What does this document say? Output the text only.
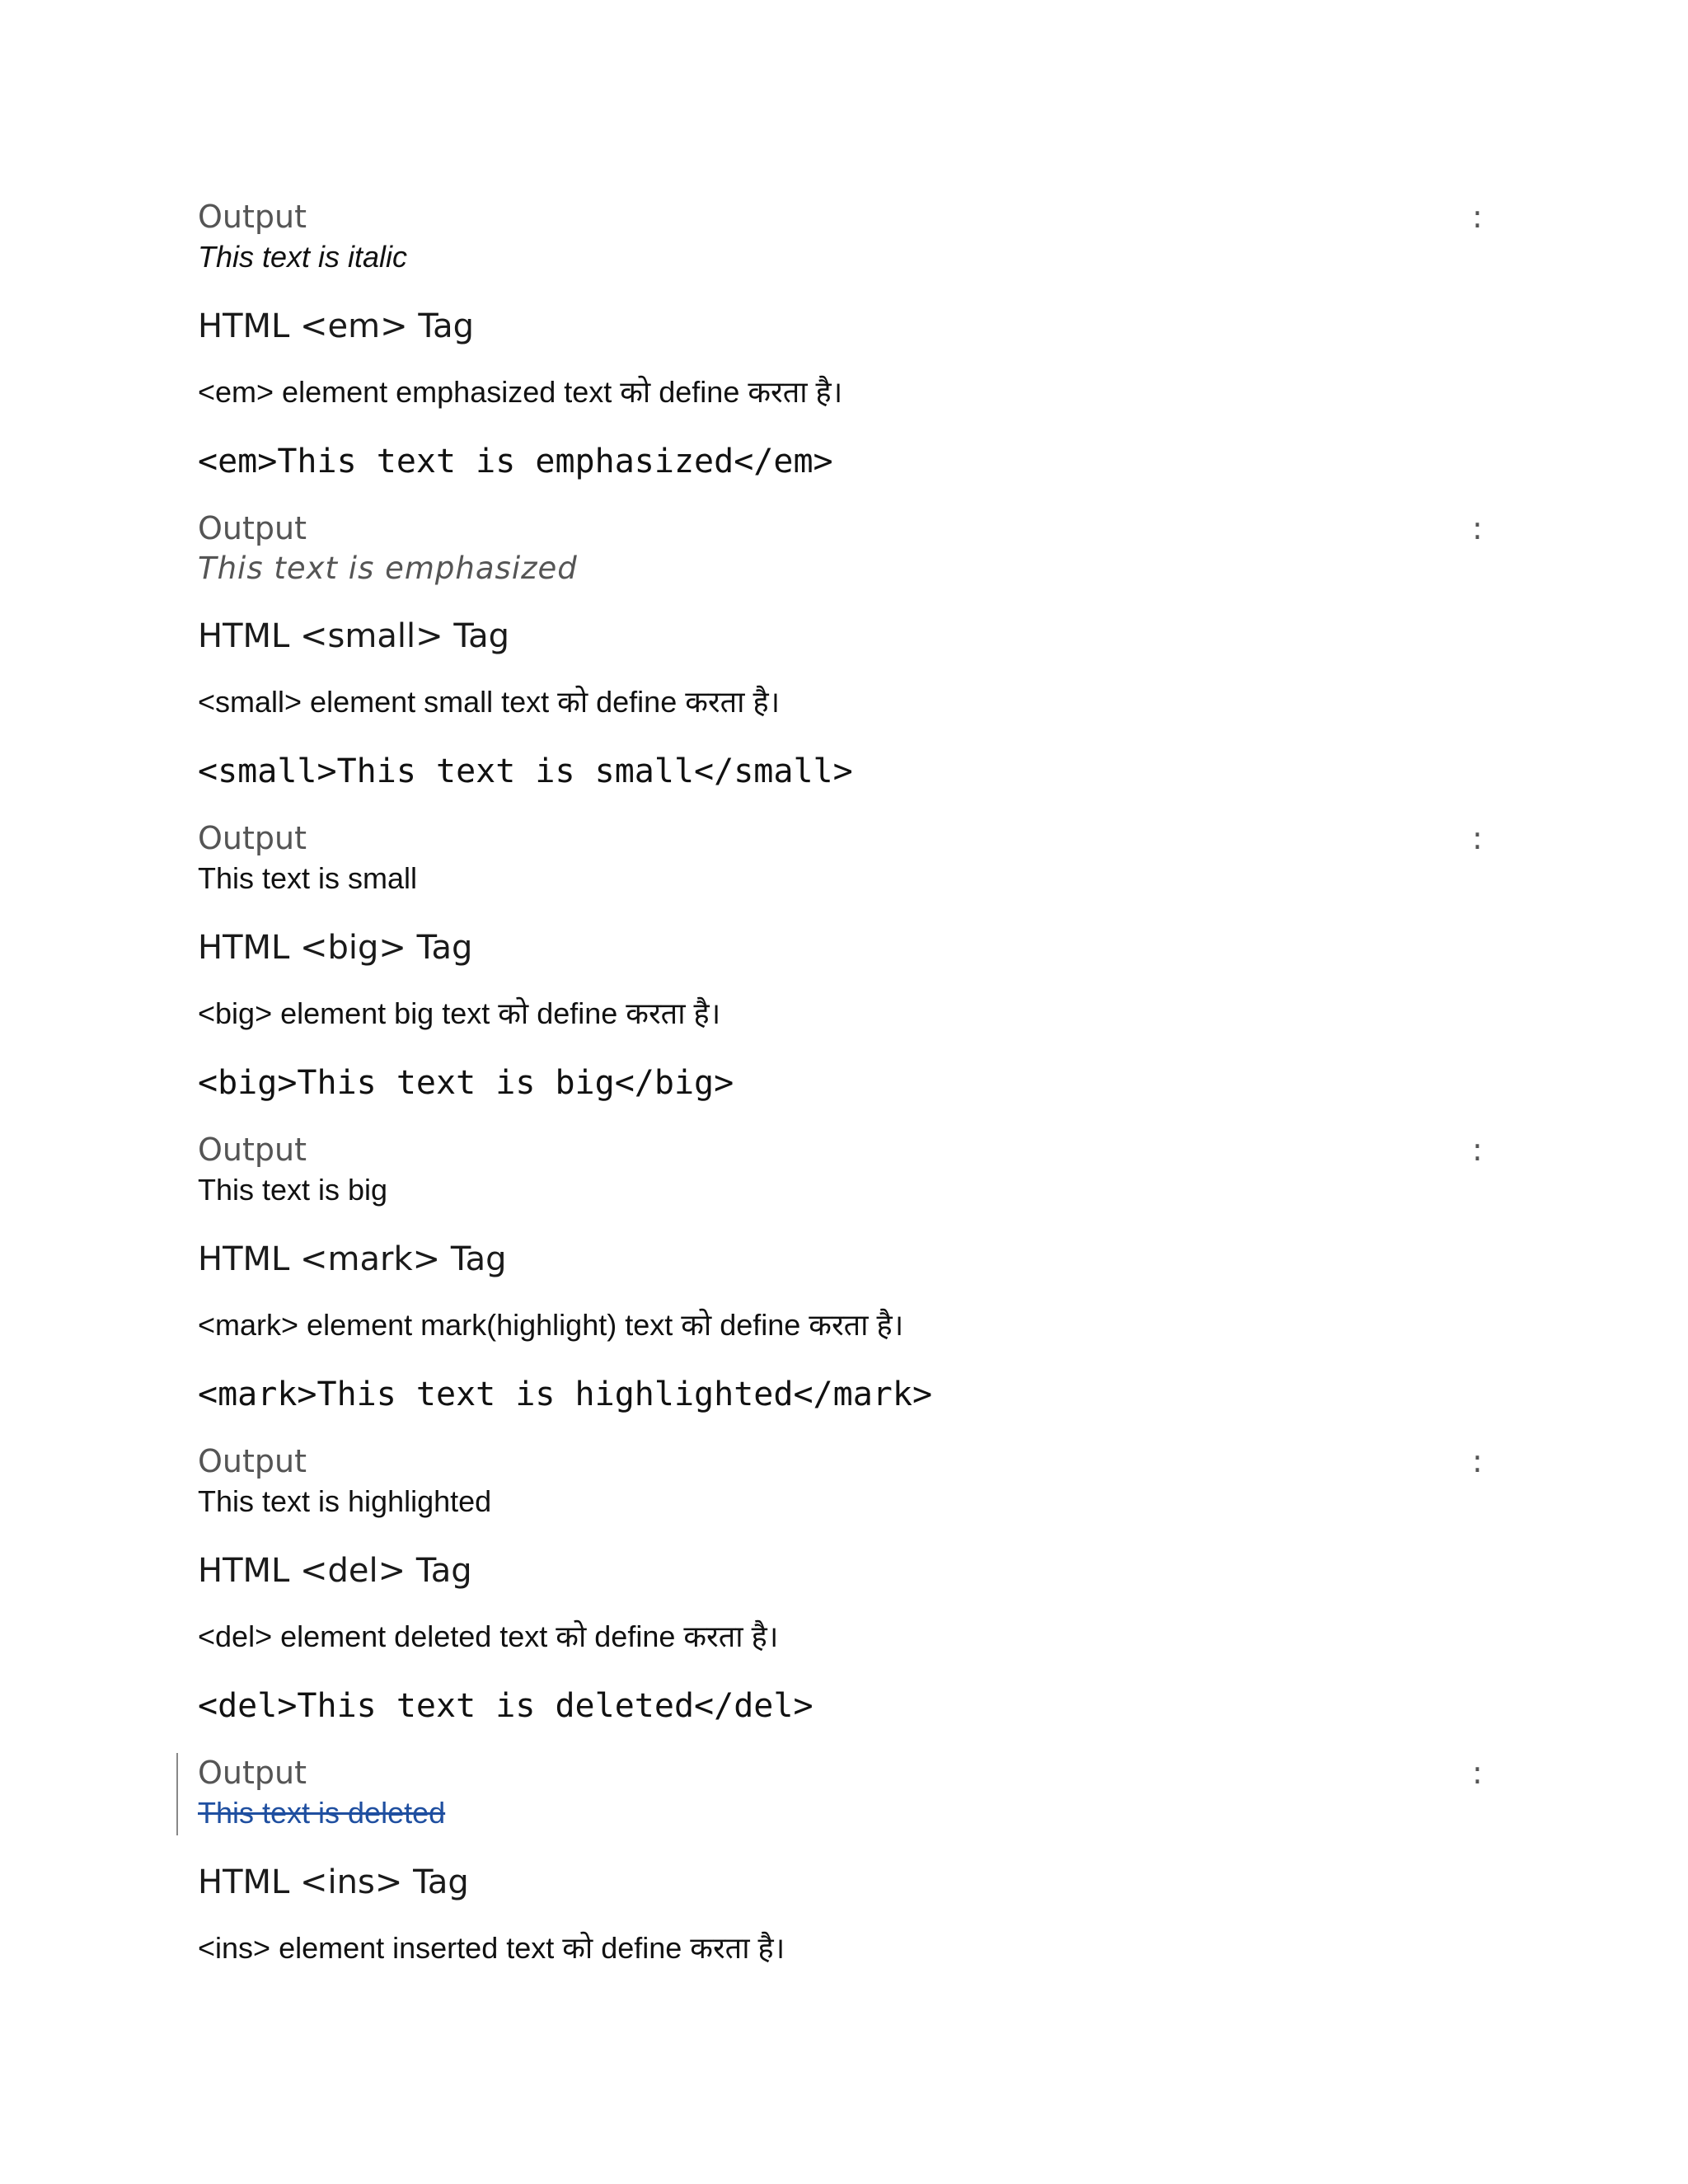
Output	:
This text is italic
HTML <em> Tag
<em> element emphasized text को define करता है।
<em>This text is emphasized</em>
Output	:
This text is emphasized
HTML <small> Tag
<small> element small text को define करता है।
<small>This text is small</small>
Output	:
This text is small
HTML <big> Tag
<big> element big text को define करता है।
<big>This text is big</big>
Output	:
This text is big
HTML <mark> Tag
<mark> element mark(highlight) text को define करता है।
<mark>This text is highlighted</mark>
Output	:
This text is highlighted
HTML <del> Tag
<del> element deleted text को define करता है।
<del>This text is deleted</del>
Output	:
This text is deleted
HTML <ins> Tag
<ins> element inserted text को define करता है।
